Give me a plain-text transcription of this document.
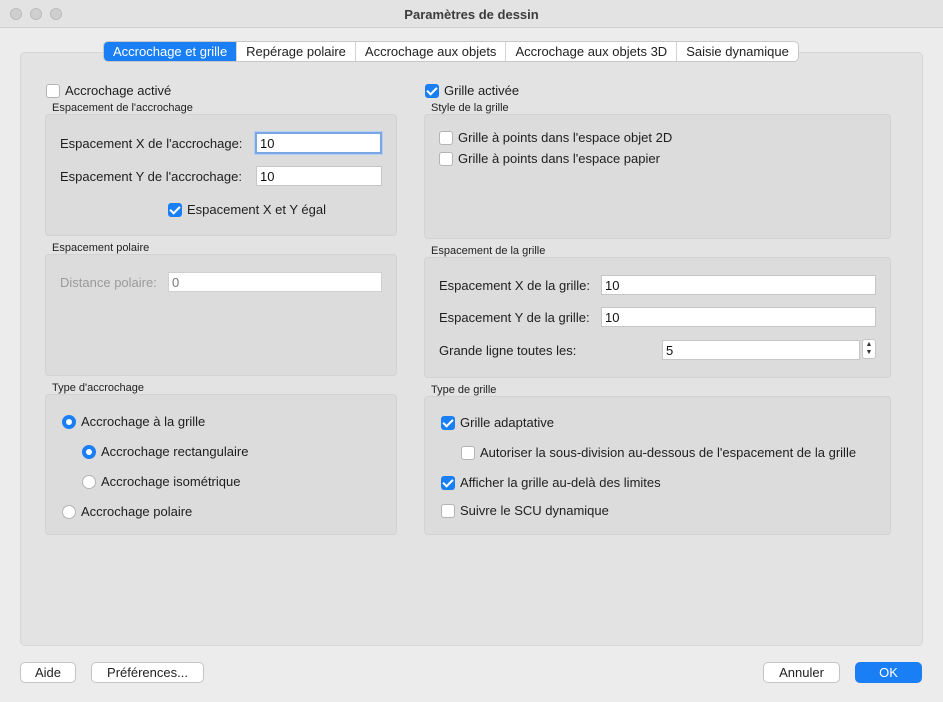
Paramètres de dessin
Accrochage et grille	Repérage polaire	Accrochage aux objets	Accrochage aux objets 3D	Saisie dynamique
Accrochage activé
Espacement de l'accrochage
Espacement X de l'accrochage:
10
Espacement Y de l'accrochage:
10
Espacement X et Y égal
Espacement polaire
Distance polaire:
0
Type d'accrochage
Accrochage à la grille
Accrochage rectangulaire
Accrochage isométrique
Accrochage polaire
Grille activée
Style de la grille
Grille à points dans l'espace objet 2D
Grille à points dans l'espace papier
Espacement de la grille
Espacement X de la grille:
10
Espacement Y de la grille:
10
Grande ligne toutes les:
5	▲
▼
Type de grille
Grille adaptative
Autoriser la sous-division au-dessous de l'espacement de la grille
Afficher la grille au-delà des limites
Suivre le SCU dynamique
Aide	Préférences...	Annuler	OK
